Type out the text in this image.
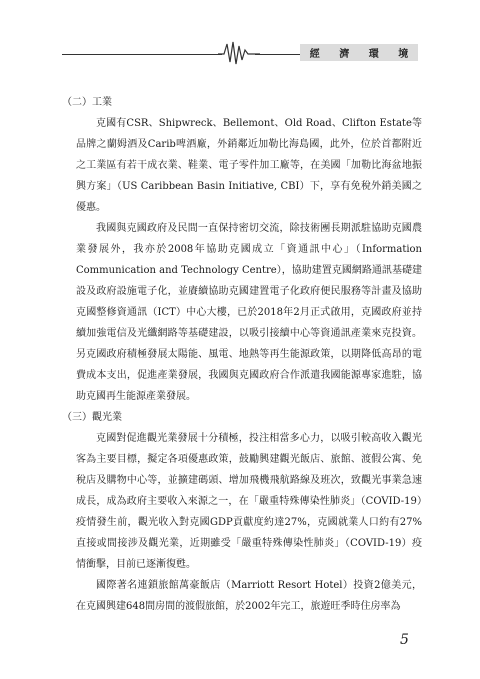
經 濟 環 境

（二）工業

克國有CSR、Shipwreck、Bellemont、Old Road、Clifton Estate等品牌之蘭姆酒及Carib啤酒廠，外銷鄰近加勒比海島國，此外，位於首都附近之工業區有若干成衣業、鞋業、電子零件加工廠等，在美國「加勒比海盆地振興方案」（US Caribbean Basin Initiative, CBI）下，享有免稅外銷美國之優惠。

我國與克國政府及民間一直保持密切交流，除技術團長期派駐協助克國農業發展外，我亦於2008年協助克國成立「資通訊中心」（Information Communication and Technology Centre），協助建置克國網路通訊基礎建設及政府設施電子化，並賡續協助克國建置電子化政府便民服務等計畫及協助克國整修資通訊（ICT）中心大樓，已於2018年2月正式啟用，克國政府並持續加強電信及光纖網路等基礎建設，以吸引接續中心等資通訊產業來克投資。另克國政府積極發展太陽能、風電、地熱等再生能源政策，以期降低高昂的電費成本支出，促進產業發展，我國與克國政府合作派遣我國能源專家進駐，協助克國再生能源產業發展。

（三）觀光業

克國對促進觀光業發展十分積極，投注相當多心力，以吸引較高收入觀光客為主要目標，擬定各項優惠政策，鼓勵興建觀光飯店、旅館、渡假公寓、免稅店及購物中心等，並擴建碼頭、增加飛機飛航路線及班次，致觀光事業急速成長，成為政府主要收入來源之一，在「嚴重特殊傳染性肺炎」（COVID-19）疫情發生前，觀光收入對克國GDP貢獻度約達27%，克國就業人口約有27%直接或間接涉及觀光業，近期雖受「嚴重特殊傳染性肺炎」（COVID-19）疫情衝擊，目前已逐漸復甦。

國際著名連鎖旅館萬豪飯店（Marriott Resort Hotel）投資2億美元，在克國興建648間房間的渡假旅館，於2002年完工，旅遊旺季時住房率為

5
